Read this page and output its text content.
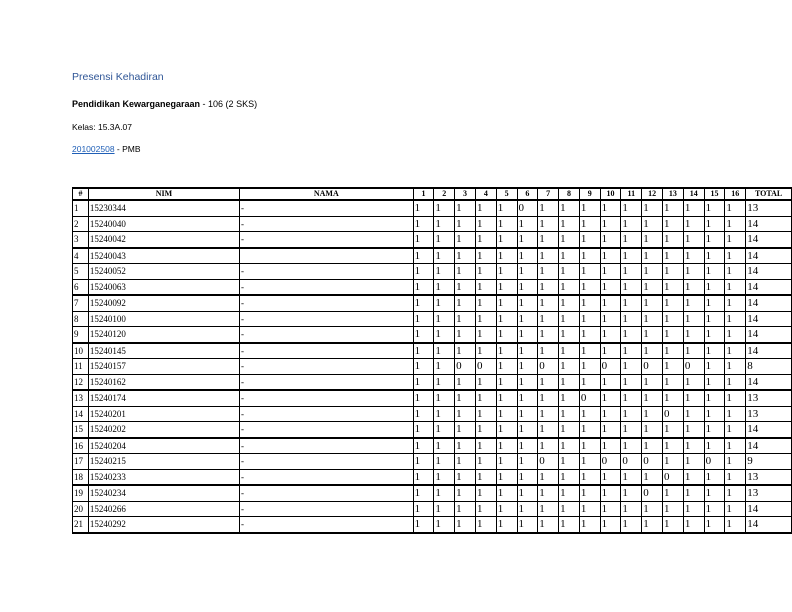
Presensi Kehadiran
Pendidikan Kewarganegaraan - 106 (2 SKS)
Kelas: 15.3A.07
201002508 - PMB
#	NIM	NAMA	1	2	3	4	5	6	7	8	9	10	11	12	13	14	15	16	TOTAL
1	15230344	-	1	1	1	1	1	0	1	1	1	1	1	1	1	1	1	1	13
2	15240040	-	1	1	1	1	1	1	1	1	1	1	1	1	1	1	1	1	14
3	15240042	-	1	1	1	1	1	1	1	1	1	1	1	1	1	1	1	1	14
4	15240043		1	1	1	1	1	1	1	1	1	1	1	1	1	1	1	1	14
5	15240052	-	1	1	1	1	1	1	1	1	1	1	1	1	1	1	1	1	14
6	15240063	-	1	1	1	1	1	1	1	1	1	1	1	1	1	1	1	1	14
7	15240092	-	1	1	1	1	1	1	1	1	1	1	1	1	1	1	1	1	14
8	15240100	-	1	1	1	1	1	1	1	1	1	1	1	1	1	1	1	1	14
9	15240120	-	1	1	1	1	1	1	1	1	1	1	1	1	1	1	1	1	14
10	15240145	-	1	1	1	1	1	1	1	1	1	1	1	1	1	1	1	1	14
11	15240157	-	1	1	0	0	1	1	0	1	1	0	1	0	1	0	1	1	8
12	15240162	-	1	1	1	1	1	1	1	1	1	1	1	1	1	1	1	1	14
13	15240174	-	1	1	1	1	1	1	1	1	0	1	1	1	1	1	1	1	13
14	15240201	-	1	1	1	1	1	1	1	1	1	1	1	1	0	1	1	1	13
15	15240202	-	1	1	1	1	1	1	1	1	1	1	1	1	1	1	1	1	14
16	15240204	-	1	1	1	1	1	1	1	1	1	1	1	1	1	1	1	1	14
17	15240215	-	1	1	1	1	1	1	0	1	1	0	0	0	1	1	0	1	9
18	15240233	-	1	1	1	1	1	1	1	1	1	1	1	1	0	1	1	1	13
19	15240234	-	1	1	1	1	1	1	1	1	1	1	1	0	1	1	1	1	13
20	15240266	-	1	1	1	1	1	1	1	1	1	1	1	1	1	1	1	1	14
21	15240292	-	1	1	1	1	1	1	1	1	1	1	1	1	1	1	1	1	14
